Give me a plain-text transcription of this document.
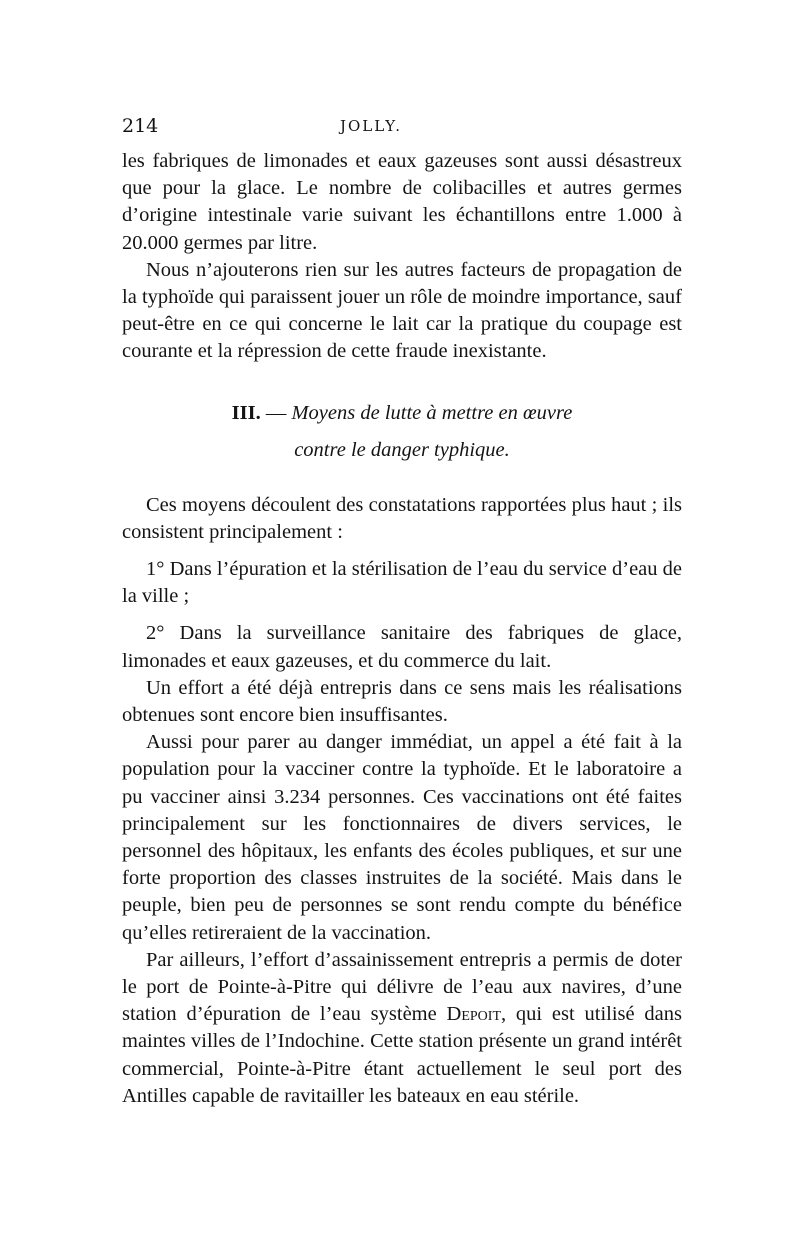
214	JOLLY.

les fabriques de limonades et eaux gazeuses sont aussi désastreux que pour la glace. Le nombre de colibacilles et autres germes d’origine intestinale varie suivant les échantillons entre 1.000 à 20.000 germes par litre.

Nous n’ajouterons rien sur les autres facteurs de propagation de la typhoïde qui paraissent jouer un rôle de moindre importance, sauf peut-être en ce qui concerne le lait car la pratique du coupage est courante et la répression de cette fraude inexistante.

III. — Moyens de lutte à mettre en œuvre

contre le danger typhique.

Ces moyens découlent des constatations rapportées plus haut ; ils consistent principalement :

1° Dans l’épuration et la stérilisation de l’eau du service d’eau de la ville ;

2° Dans la surveillance sanitaire des fabriques de glace, limonades et eaux gazeuses, et du commerce du lait.

Un effort a été déjà entrepris dans ce sens mais les réalisations obtenues sont encore bien insuffisantes.

Aussi pour parer au danger immédiat, un appel a été fait à la population pour la vacciner contre la typhoïde. Et le laboratoire a pu vacciner ainsi 3.234 personnes. Ces vaccinations ont été faites principalement sur les fonctionnaires de divers services, le personnel des hôpitaux, les enfants des écoles publiques, et sur une forte proportion des classes instruites de la société. Mais dans le peuple, bien peu de personnes se sont rendu compte du bénéfice qu’elles retireraient de la vaccination.

Par ailleurs, l’effort d’assainissement entrepris a permis de doter le port de Pointe-à-Pitre qui délivre de l’eau aux navires, d’une station d’épuration de l’eau système Depoit, qui est utilisé dans maintes villes de l’Indochine. Cette station présente un grand intérêt commercial, Pointe-à-Pitre étant actuellement le seul port des Antilles capable de ravitailler les bateaux en eau stérile.
